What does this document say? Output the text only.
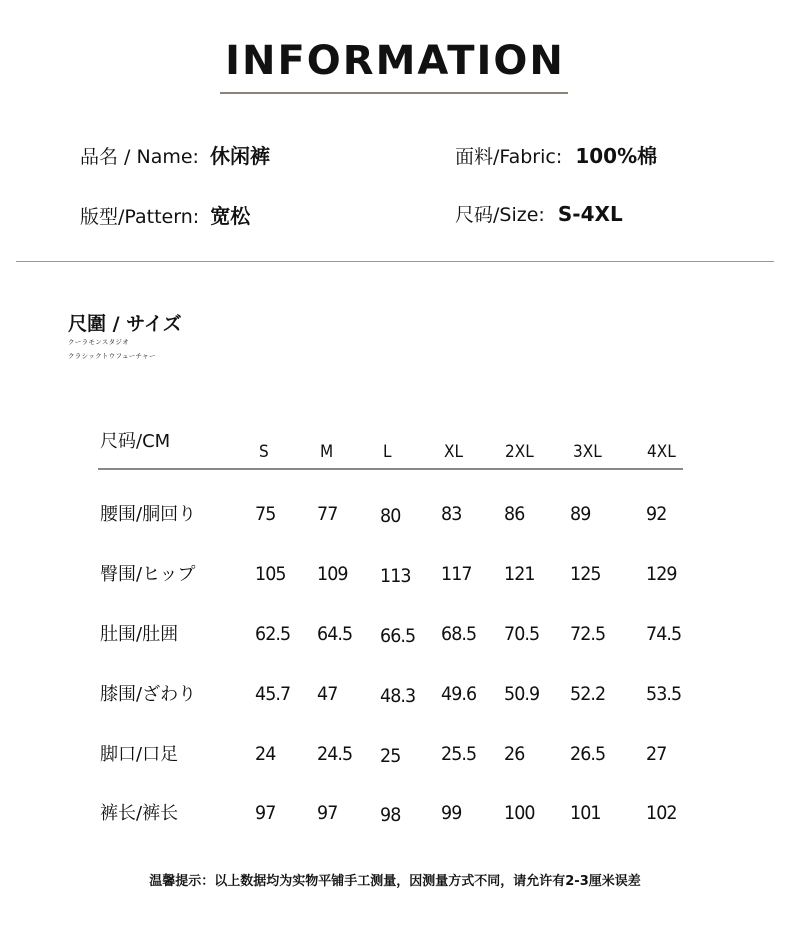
INFORMATION
品名 / Name: 休闲裤	面料/Fabric: 100%棉
版型/Pattern: 宽松	尺码/Size: S-4XL
尺圍 / サイズ
クーラモンスタジオ
クラシックトウフューチャー
尺码/CM	S	M	L	XL 2XL 3XL	4XL
腰围/胴回り	75 77 80 83 86 89	92
臀围/ヒップ	105 109 113 117 121 125 129
肚围/肚囲	62.5 64.5 66.5 68.5 70.5 72.5 74.5
膝围/ざわり	45.7 47 48.3 49.6 50.9 52.2 53.5
脚口/口足	24 24.5 25 25.5 26 26.5 27
裤长/裤长	97 97 98 99 100 101 102
温馨提示：以上数据均为实物平铺手工测量，因测量方式不同，请允许有2-3厘米误差
